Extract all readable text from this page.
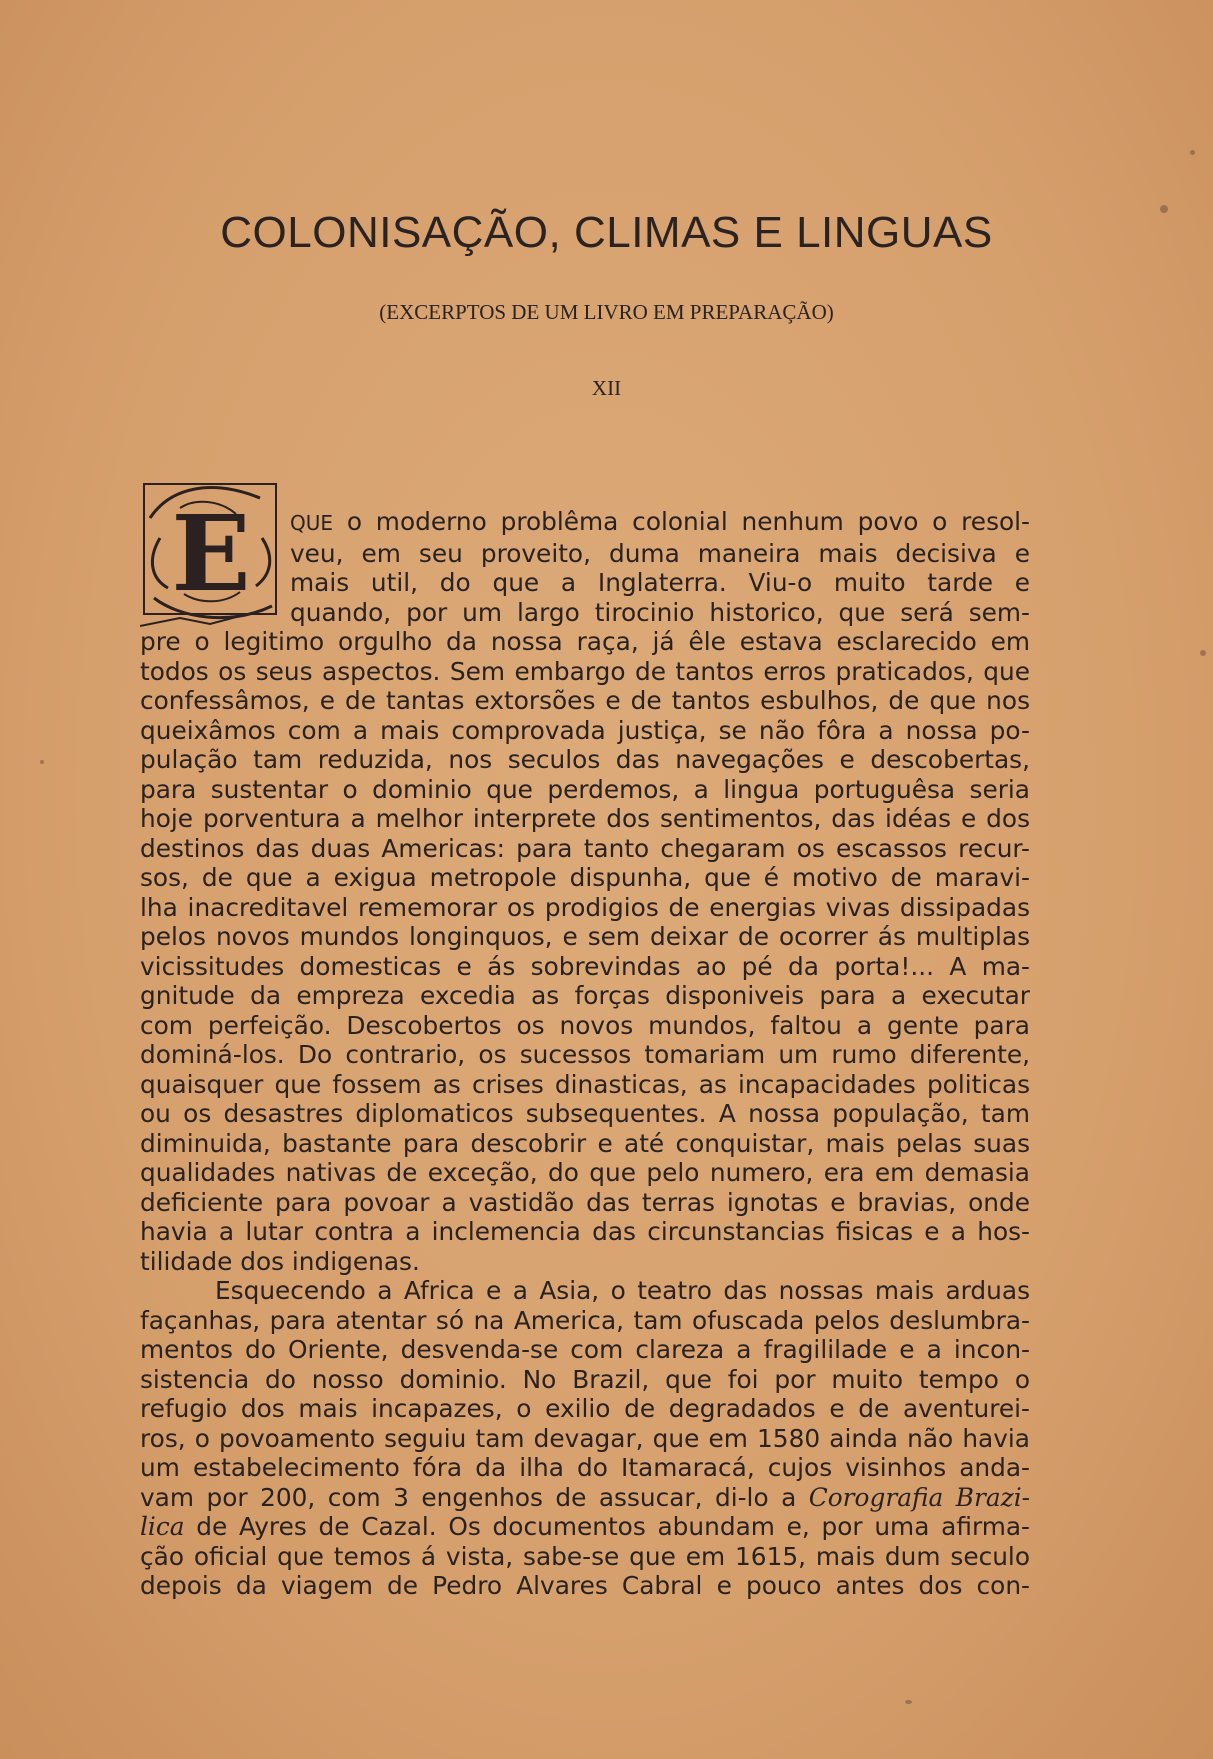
COLONISAÇÃO, CLIMAS E LINGUAS
(EXCERPTOS DE UM LIVRO EM PREPARAÇÃO)
XII
E QUE o moderno problêma colonial nenhum povo o resol-
veu, em seu proveito, duma maneira mais decisiva e
mais util, do que a Inglaterra. Viu-o muito tarde e
quando, por um largo tirocinio historico, que será sem-
pre o legitimo orgulho da nossa raça, já êle estava esclarecido em
todos os seus aspectos. Sem embargo de tantos erros praticados, que
confessâmos, e de tantas extorsões e de tantos esbulhos, de que nos
queixâmos com a mais comprovada justiça, se não fôra a nossa po-
pulação tam reduzida, nos seculos das navegações e descobertas,
para sustentar o dominio que perdemos, a lingua portuguêsa seria
hoje porventura a melhor interprete dos sentimentos, das idéas e dos
destinos das duas Americas: para tanto chegaram os escassos recur-
sos, de que a exigua metropole dispunha, que é motivo de maravi-
lha inacreditavel rememorar os prodigios de energias vivas dissipadas
pelos novos mundos longinquos, e sem deixar de ocorrer ás multiplas
vicissitudes domesticas e ás sobrevindas ao pé da porta!... A ma-
gnitude da empreza excedia as forças disponiveis para a executar
com perfeição. Descobertos os novos mundos, faltou a gente para
dominá-los. Do contrario, os sucessos tomariam um rumo diferente,
quaisquer que fossem as crises dinasticas, as incapacidades politicas
ou os desastres diplomaticos subsequentes. A nossa população, tam
diminuida, bastante para descobrir e até conquistar, mais pelas suas
qualidades nativas de exceção, do que pelo numero, era em demasia
deficiente para povoar a vastidão das terras ignotas e bravias, onde
havia a lutar contra a inclemencia das circunstancias fisicas e a hos-
tilidade dos indigenas.
Esquecendo a Africa e a Asia, o teatro das nossas mais arduas
façanhas, para atentar só na America, tam ofuscada pelos deslumbra-
mentos do Oriente, desvenda-se com clareza a fragililade e a incon-
sistencia do nosso dominio. No Brazil, que foi por muito tempo o
refugio dos mais incapazes, o exilio de degradados e de aventurei-
ros, o povoamento seguiu tam devagar, que em 1580 ainda não havia
um estabelecimento fóra da ilha do Itamaracá, cujos visinhos anda-
vam por 200, com 3 engenhos de assucar, di-lo a Corografia Brazi-
lica de Ayres de Cazal. Os documentos abundam e, por uma afirma-
ção oficial que temos á vista, sabe-se que em 1615, mais dum seculo
depois da viagem de Pedro Alvares Cabral e pouco antes dos con-
